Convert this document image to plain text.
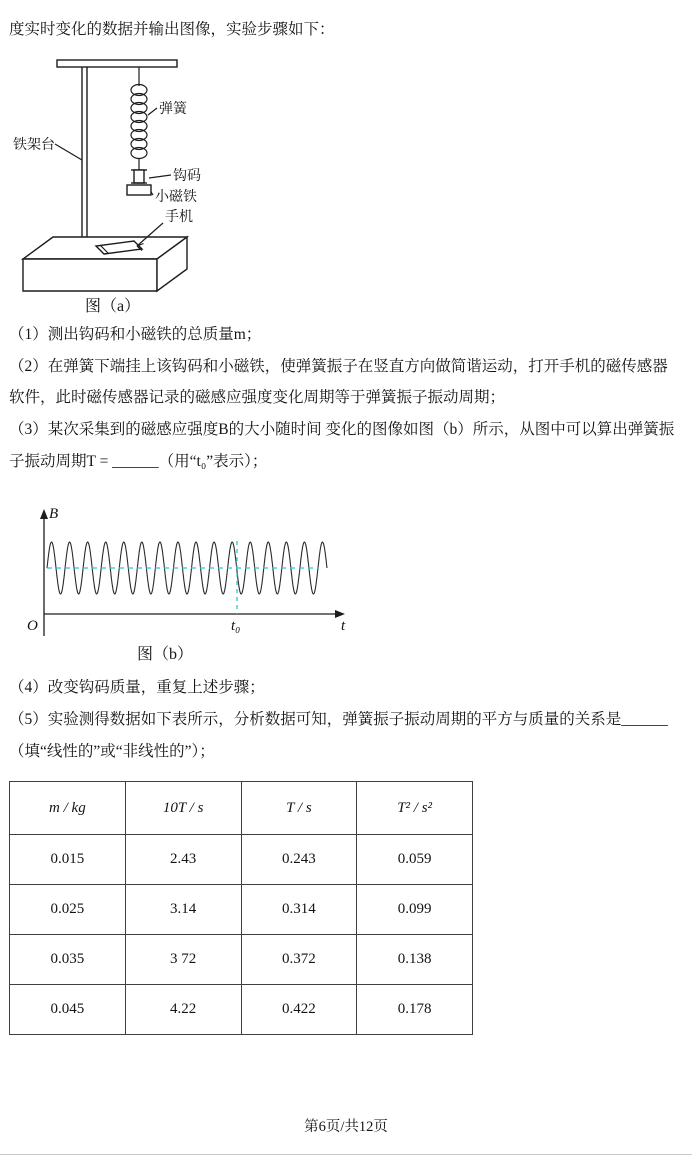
度实时变化的数据并输出图像，实验步骤如下：

弹簧
铁架台
钩码
小磁铁
手机
图（a）

（1）测出钩码和小磁铁的总质量m；

（2）在弹簧下端挂上该钩码和小磁铁，使弹簧振子在竖直方向做简谐运动，打开手机的磁传感器软件，此时磁传感器记录的磁感应强度变化周期等于弹簧振子振动周期；

（3）某次采集到的磁感应强度B的大小随时间 变化的图像如图（b）所示，从图中可以算出弹簧振子振动周期T = ______（用“t₀”表示）；

B
t
O	t₀
图（b）

（4）改变钩码质量，重复上述步骤；

（5）实验测得数据如下表所示，分析数据可知，弹簧振子振动周期的平方与质量的关系是______（填“线性的”或“非线性的”）；

m / kg	10T / s	T / s	T² / s²
0.015	2.43	0.243	0.059
0.025	3.14	0.314	0.099
0.035	3 72	0.372	0.138
0.045	4.22	0.422	0.178
第6页/共12页
